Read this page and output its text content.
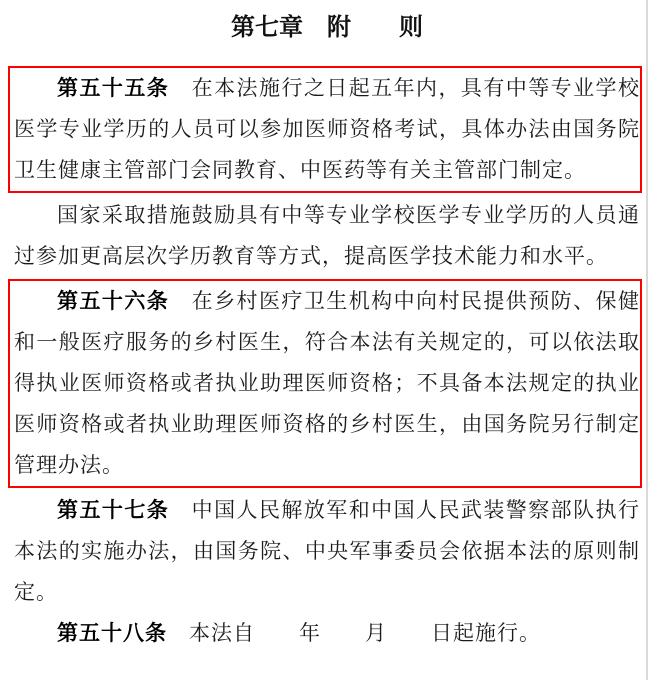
第七章　附　　则
第五十五条　在本法施行之日起五年内，具有中等专业学校
医学专业学历的人员可以参加医师资格考试，具体办法由国务院
卫生健康主管部门会同教育、中医药等有关主管部门制定。
国家采取措施鼓励具有中等专业学校医学专业学历的人员通
过参加更高层次学历教育等方式，提高医学技术能力和水平。
第五十六条　在乡村医疗卫生机构中向村民提供预防、保健
和一般医疗服务的乡村医生，符合本法有关规定的，可以依法取
得执业医师资格或者执业助理医师资格；不具备本法规定的执业
医师资格或者执业助理医师资格的乡村医生，由国务院另行制定
管理办法。
第五十七条　中国人民解放军和中国人民武装警察部队执行
本法的实施办法，由国务院、中央军事委员会依据本法的原则制
定。
第五十八条　本法自　　年　　月　　日起施行。
